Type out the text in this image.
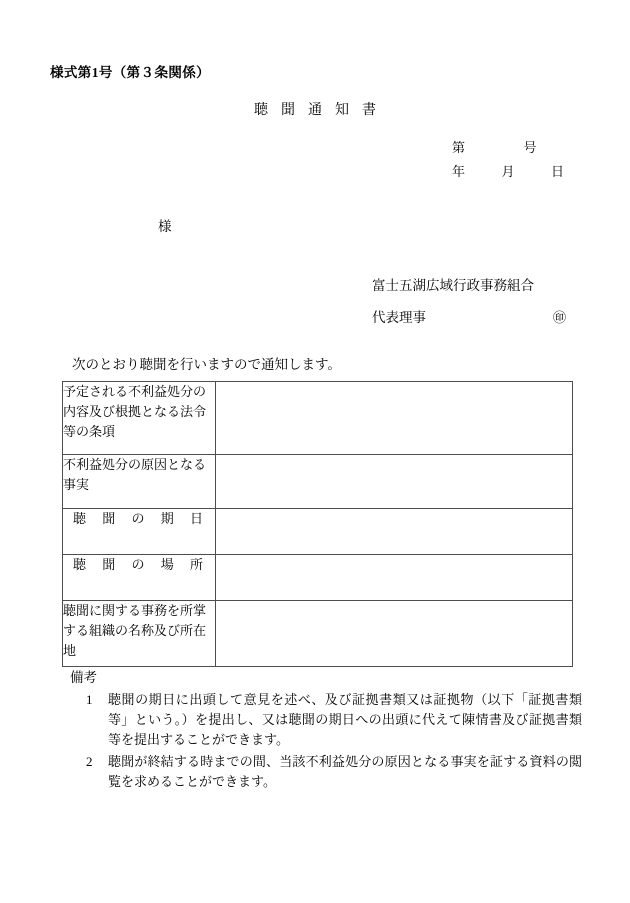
様式第1号（第３条関係）
聴聞通知書
第	号
年	月	日
様
富士五湖広域行政事務組合
代表理事	㊞
次のとおり聴聞を行いますので通知します。
予定される不利益処分の内容及び根拠となる法令等の条項	
不利益処分の原因となる事実	
聴聞の期日	
聴聞の場所	
聴聞に関する事務を所掌する組織の名称及び所在地	
備考
1 聴聞の期日に出頭して意見を述べ、及び証拠書類又は証拠物（以下「証拠書類等」という。）を提出し、又は聴聞の期日への出頭に代えて陳情書及び証拠書類等を提出することができます。
2 聴聞が終結する時までの間、当該不利益処分の原因となる事実を証する資料の閲覧を求めることができます。
